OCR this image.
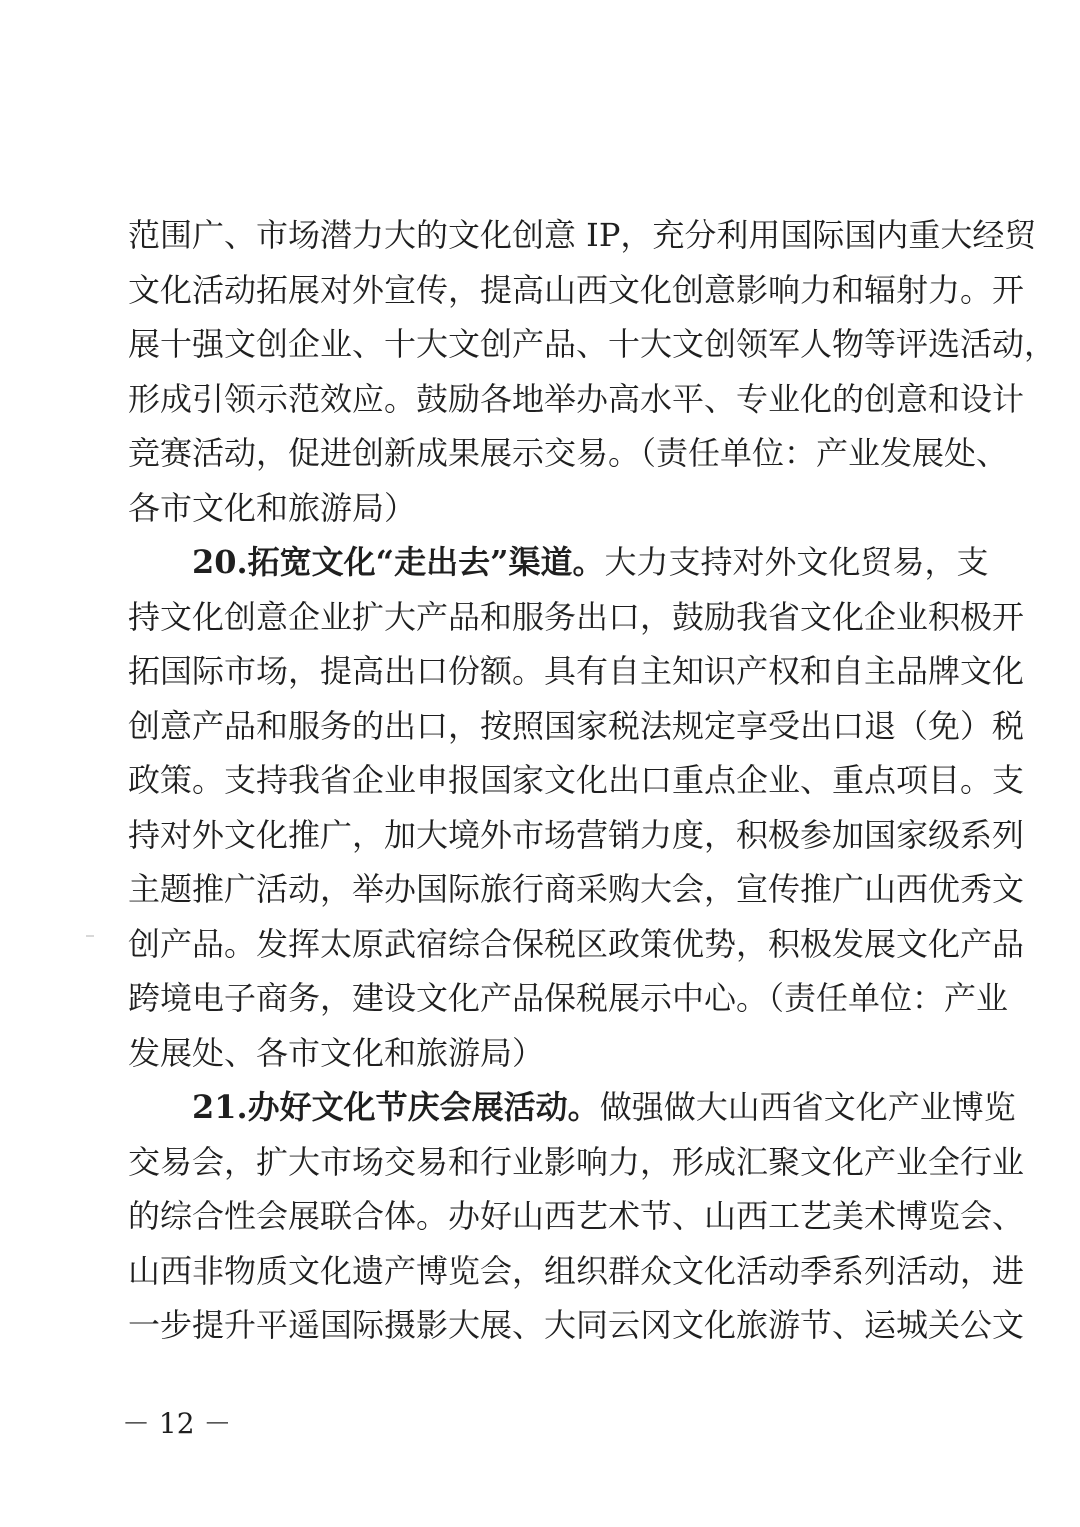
范围广、市场潜力大的文化创意 IP，充分利用国际国内重大经贸
文化活动拓展对外宣传，提高山西文化创意影响力和辐射力。开
展十强文创企业、十大文创产品、十大文创领军人物等评选活动，
形成引领示范效应。鼓励各地举办高水平、专业化的创意和设计
竞赛活动，促进创新成果展示交易。（责任单位：产业发展处、
各市文化和旅游局）
20.拓宽文化“走出去”渠道。大力支持对外文化贸易，支
持文化创意企业扩大产品和服务出口，鼓励我省文化企业积极开
拓国际市场，提高出口份额。具有自主知识产权和自主品牌文化
创意产品和服务的出口，按照国家税法规定享受出口退（免）税
政策。支持我省企业申报国家文化出口重点企业、重点项目。支
持对外文化推广，加大境外市场营销力度，积极参加国家级系列
主题推广活动，举办国际旅行商采购大会，宣传推广山西优秀文
创产品。发挥太原武宿综合保税区政策优势，积极发展文化产品
跨境电子商务，建设文化产品保税展示中心。（责任单位：产业
发展处、各市文化和旅游局）
21.办好文化节庆会展活动。做强做大山西省文化产业博览
交易会，扩大市场交易和行业影响力，形成汇聚文化产业全行业
的综合性会展联合体。办好山西艺术节、山西工艺美术博览会、
山西非物质文化遗产博览会，组织群众文化活动季系列活动，进
一步提升平遥国际摄影大展、大同云冈文化旅游节、运城关公文
－ 12 －
